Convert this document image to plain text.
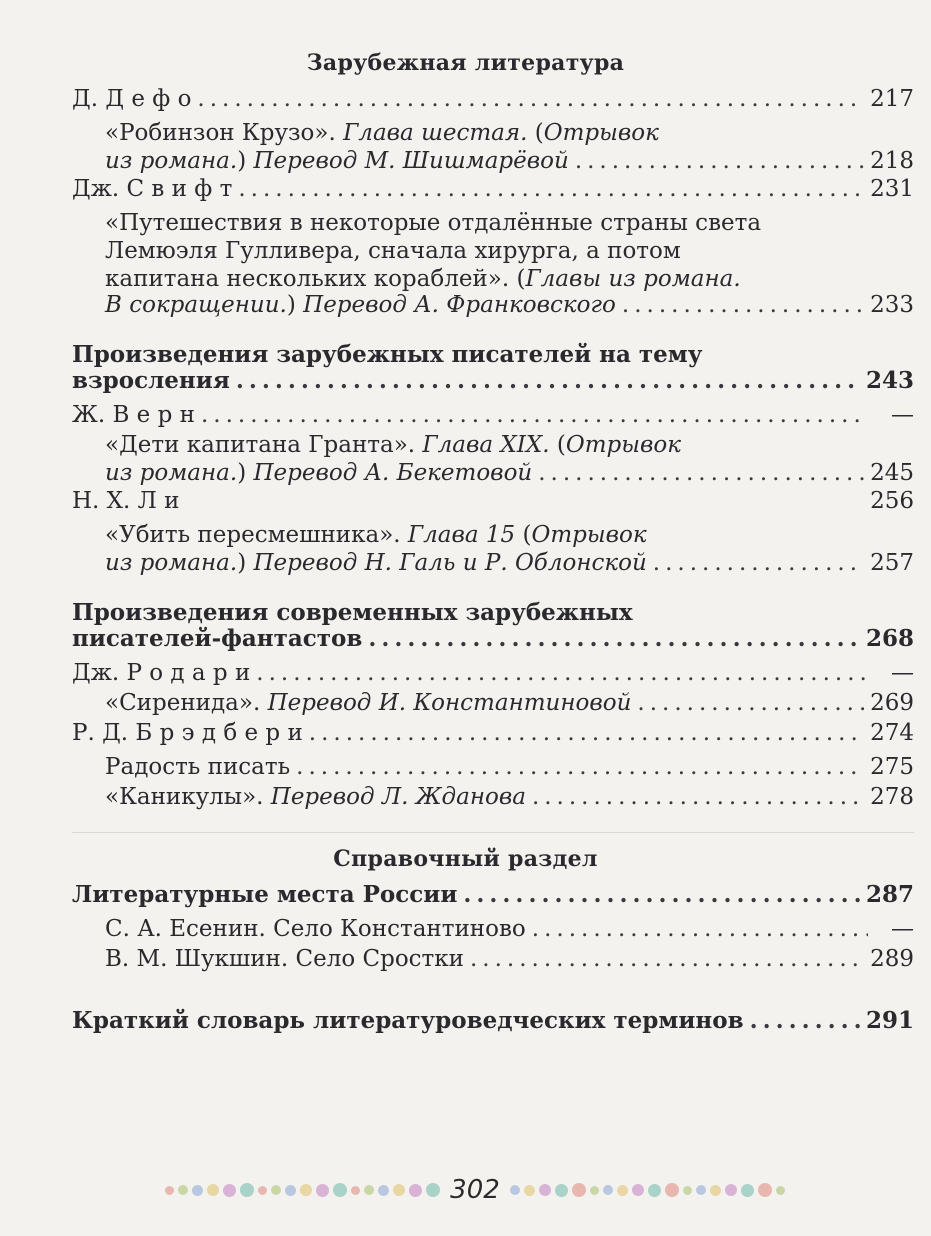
Зарубежная литература
Д. Д е ф о .....	217
«Робинзон Крузо». Глава шестая. (Отрывок
из романа.) Перевод М. Шишмарёвой .....	218
Дж. С в и ф т .....	231
«Путешествия в некоторые отдалённые страны света
Лемюэля Гулливера, сначала хирурга, а потом
капитана нескольких кораблей». (Главы из романа.
В сокращении.) Перевод А. Франковского .....	233
Произведения зарубежных писателей на тему
взросления .....	243
Ж. В е р н .....	—
«Дети капитана Гранта». Глава XIX. (Отрывок
из романа.) Перевод А. Бекетовой .....	245
Н. Х. Л и	256
«Убить пересмешника». Глава 15 (Отрывок
из романа.) Перевод Н. Галь и Р. Облонской .....	257
Произведения современных зарубежных
писателей-фантастов .....	268
Дж. Р о д а р и .....	—
«Сиренида». Перевод И. Константиновой .....	269
Р. Д. Б р э д б е р и .....	274
Радость писать .....	275
«Каникулы». Перевод Л. Жданова .....	278
Справочный раздел
Литературные места России .....	287
С. А. Есенин. Село Константиново .....	—
В. М. Шукшин. Село Сростки .....	289
Краткий словарь литературоведческих терминов .....	291
302
